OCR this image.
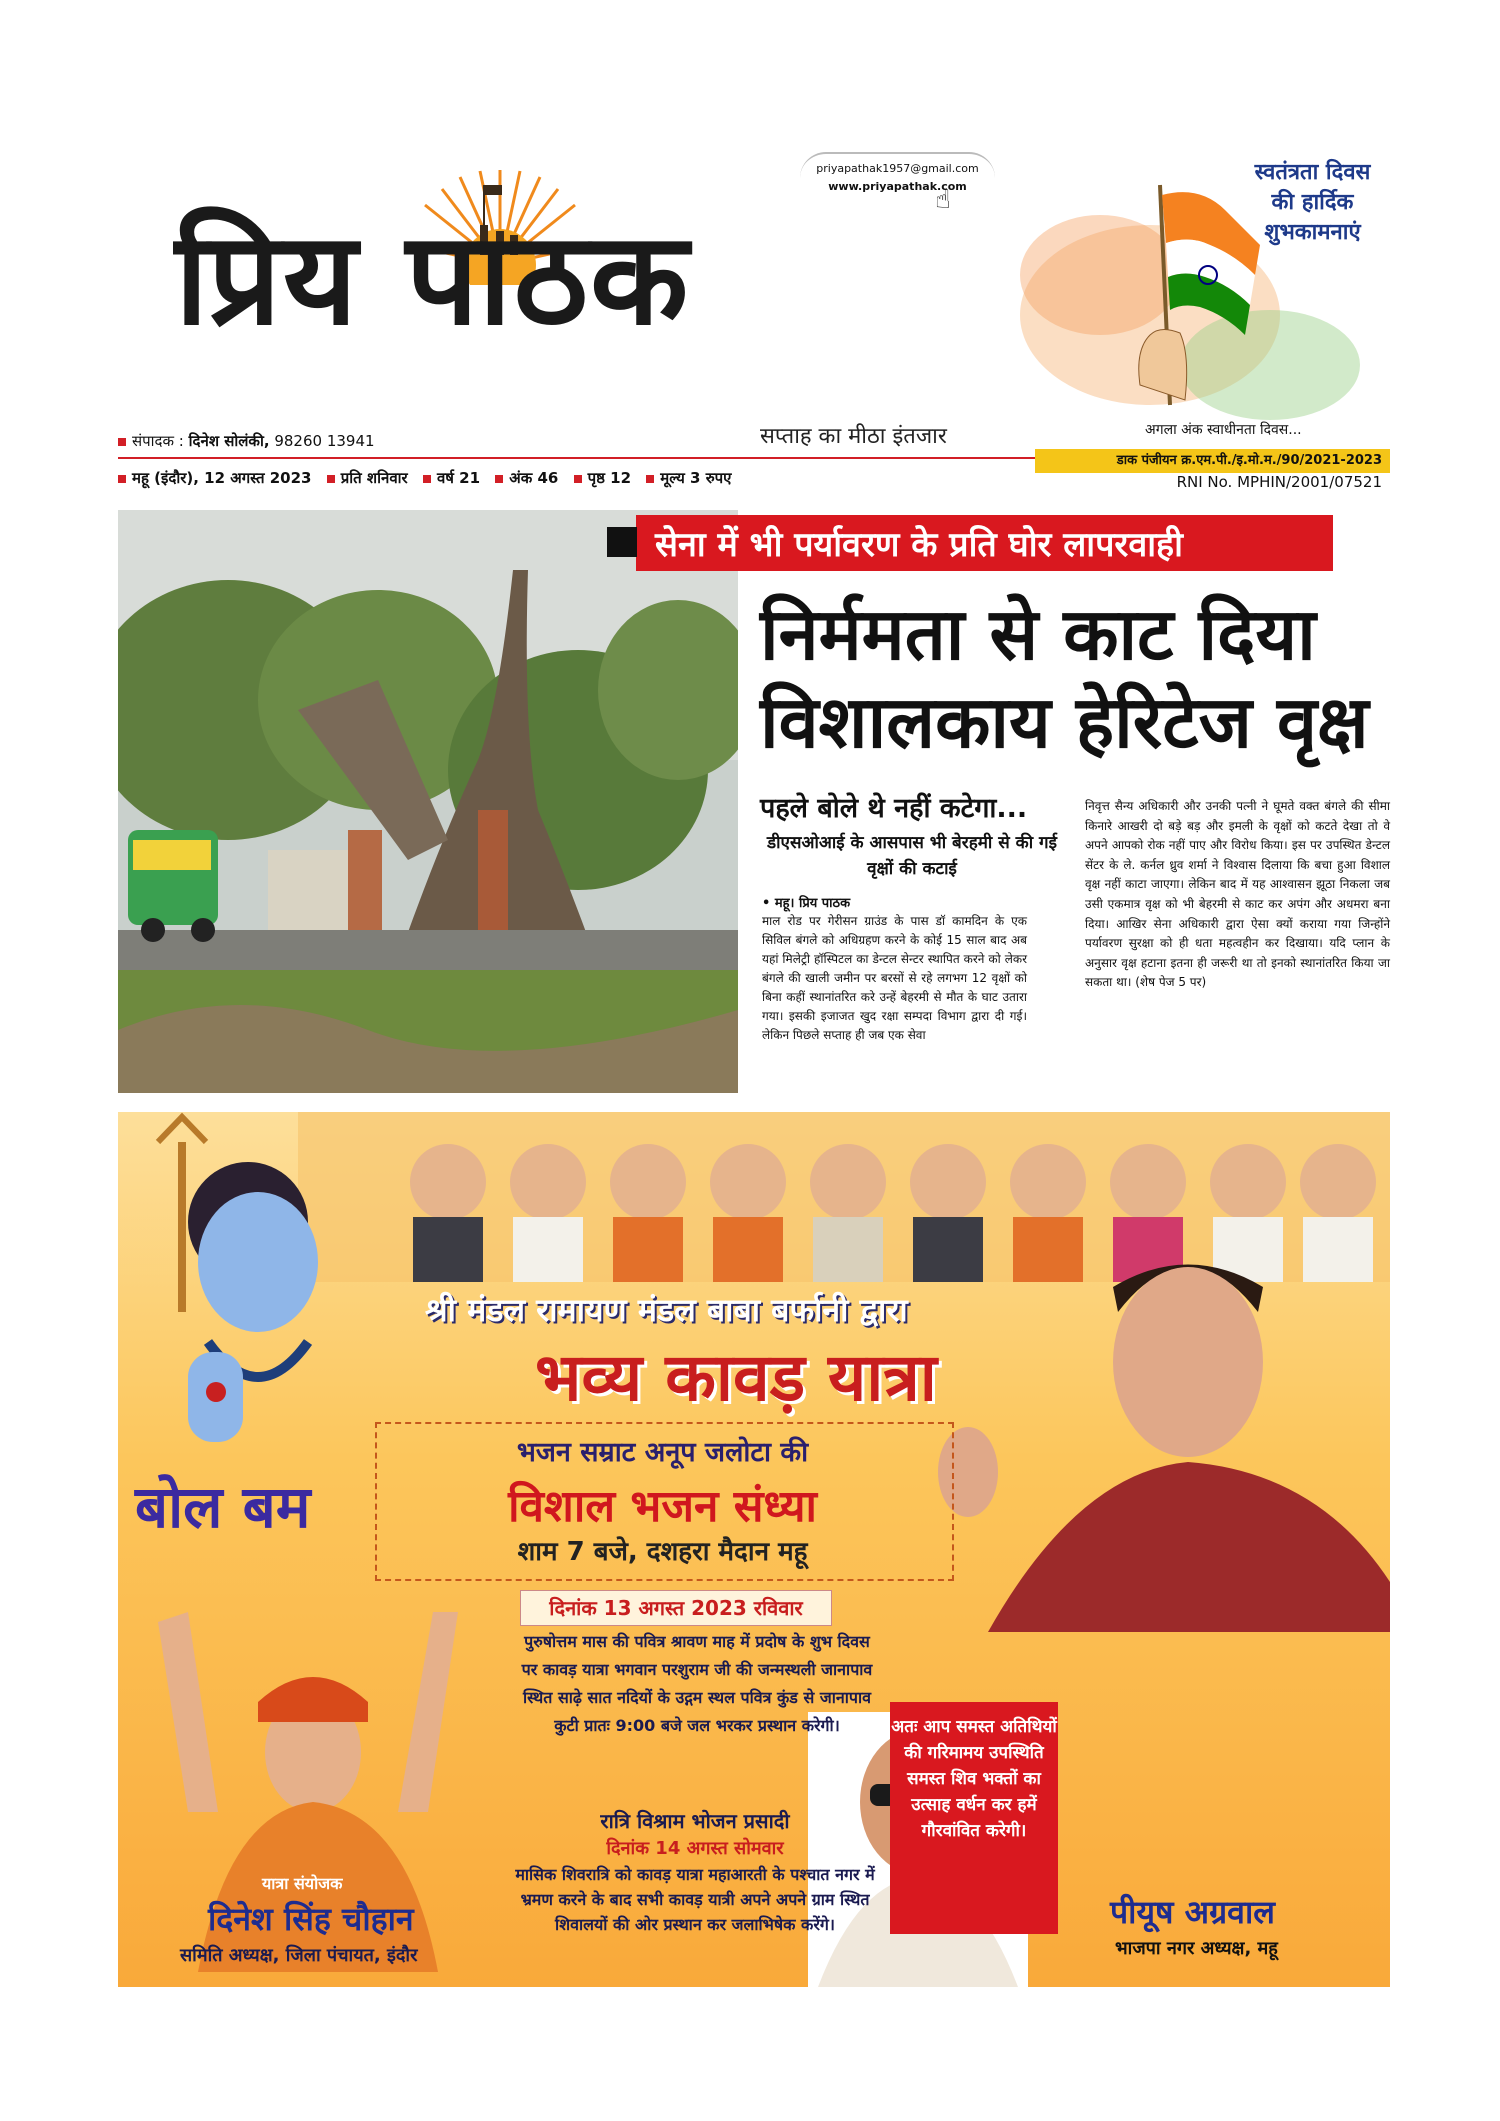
प्रिय पाठक
priyapathak1957@gmail.com
www.priyapathak.com
☝
सप्ताह का मीठा इंतजार
संपादक : दिनेश सोलंकी, 98260 13941
महू (इंदौर), 12 अगस्त 2023 प्रति शनिवार वर्ष 21 अंक 46 पृष्ठ 12 मूल्य 3 रुपए
स्वतंत्रता दिवस
की हार्दिक
शुभकामनाएं
अगला अंक स्वाधीनता दिवस...
डाक पंजीयन क्र.एम.पी./इ.मो.म./90/2021-2023
RNI No. MPHIN/2001/07521
सेना में भी पर्यावरण के प्रति घोर लापरवाही
निर्ममता से काट दिया
विशालकाय हेरिटेज वृक्ष
पहले बोले थे नहीं कटेगा...
डीएसओआई के आसपास भी बेरहमी से की गई वृक्षों की कटाई
• महू। प्रिय पाठक
माल रोड पर गेरीसन ग्राउंड के पास डॉ कामदिन के एक सिविल बंगले को अधिग्रहण करने के कोई 15 साल बाद अब यहां मिलेट्री हॉस्पिटल का डेन्टल सेन्टर स्थापित करने को लेकर बंगले की खाली जमीन पर बरसों से रहे लगभग 12 वृक्षों को बिना कहीं स्थानांतरित करे उन्हें बेहरमी से मौत के घाट उतारा गया। इसकी इजाजत खुद रक्षा सम्पदा विभाग द्वारा दी गई। लेकिन पिछले सप्ताह ही जब एक सेवा
निवृत्त सैन्य अधिकारी और उनकी पत्नी ने घूमते वक्त बंगले की सीमा किनारे आखरी दो बड़े बड़ और इमली के वृक्षों को कटते देखा तो वे अपने आपको रोक नहीं पाए और विरोध किया। इस पर उपस्थित डेन्टल सेंटर के ले. कर्नल ध्रुव शर्मा ने विश्वास दिलाया कि बचा हुआ विशाल वृक्ष नहीं काटा जाएगा। लेकिन बाद में यह आश्वासन झूठा निकला जब उसी एकमात्र वृक्ष को भी बेहरमी से काट कर अपंग और अधमरा बना दिया। आखिर सेना अधिकारी द्वारा ऐसा क्यों कराया गया जिन्होंने पर्यावरण सुरक्षा को ही धता महत्वहीन कर दिखाया। यदि प्लान के अनुसार वृक्ष हटाना इतना ही जरूरी था तो इनको स्थानांतरित किया जा सकता था। (शेष पेज 5 पर)
श्री मंडल रामायण मंडल बाबा बर्फानी द्वारा
भव्य कावड़ यात्रा
बोल बम
भजन सम्राट अनूप जलोटा की
विशाल भजन संध्या
शाम 7 बजे, दशहरा मैदान महू
दिनांक 13 अगस्त 2023 रविवार
पुरुषोत्तम मास की पवित्र श्रावण माह में प्रदोष के शुभ दिवस पर कावड़ यात्रा भगवान परशुराम जी की जन्मस्थली जानापाव स्थित साढ़े सात नदियों के उद्गम स्थल पवित्र कुंड से जानापाव कुटी प्रातः 9:00 बजे जल भरकर प्रस्थान करेगी।
रात्रि विश्राम भोजन प्रसादी
दिनांक 14 अगस्त सोमवार
मासिक शिवरात्रि को कावड़ यात्रा महाआरती के पश्चात नगर में भ्रमण करने के बाद सभी कावड़ यात्री अपने अपने ग्राम स्थित शिवालयों की ओर प्रस्थान कर जलाभिषेक करेंगे।
अतः आप समस्त अतिथियों की गरिमामय उपस्थिति समस्त शिव भक्तों का उत्साह वर्धन कर हमें गौरवांवित करेगी।
यात्रा संयोजक
दिनेश सिंह चौहान
समिति अध्यक्ष, जिला पंचायत, इंदौर
पीयूष अग्रवाल
भाजपा नगर अध्यक्ष, महू
